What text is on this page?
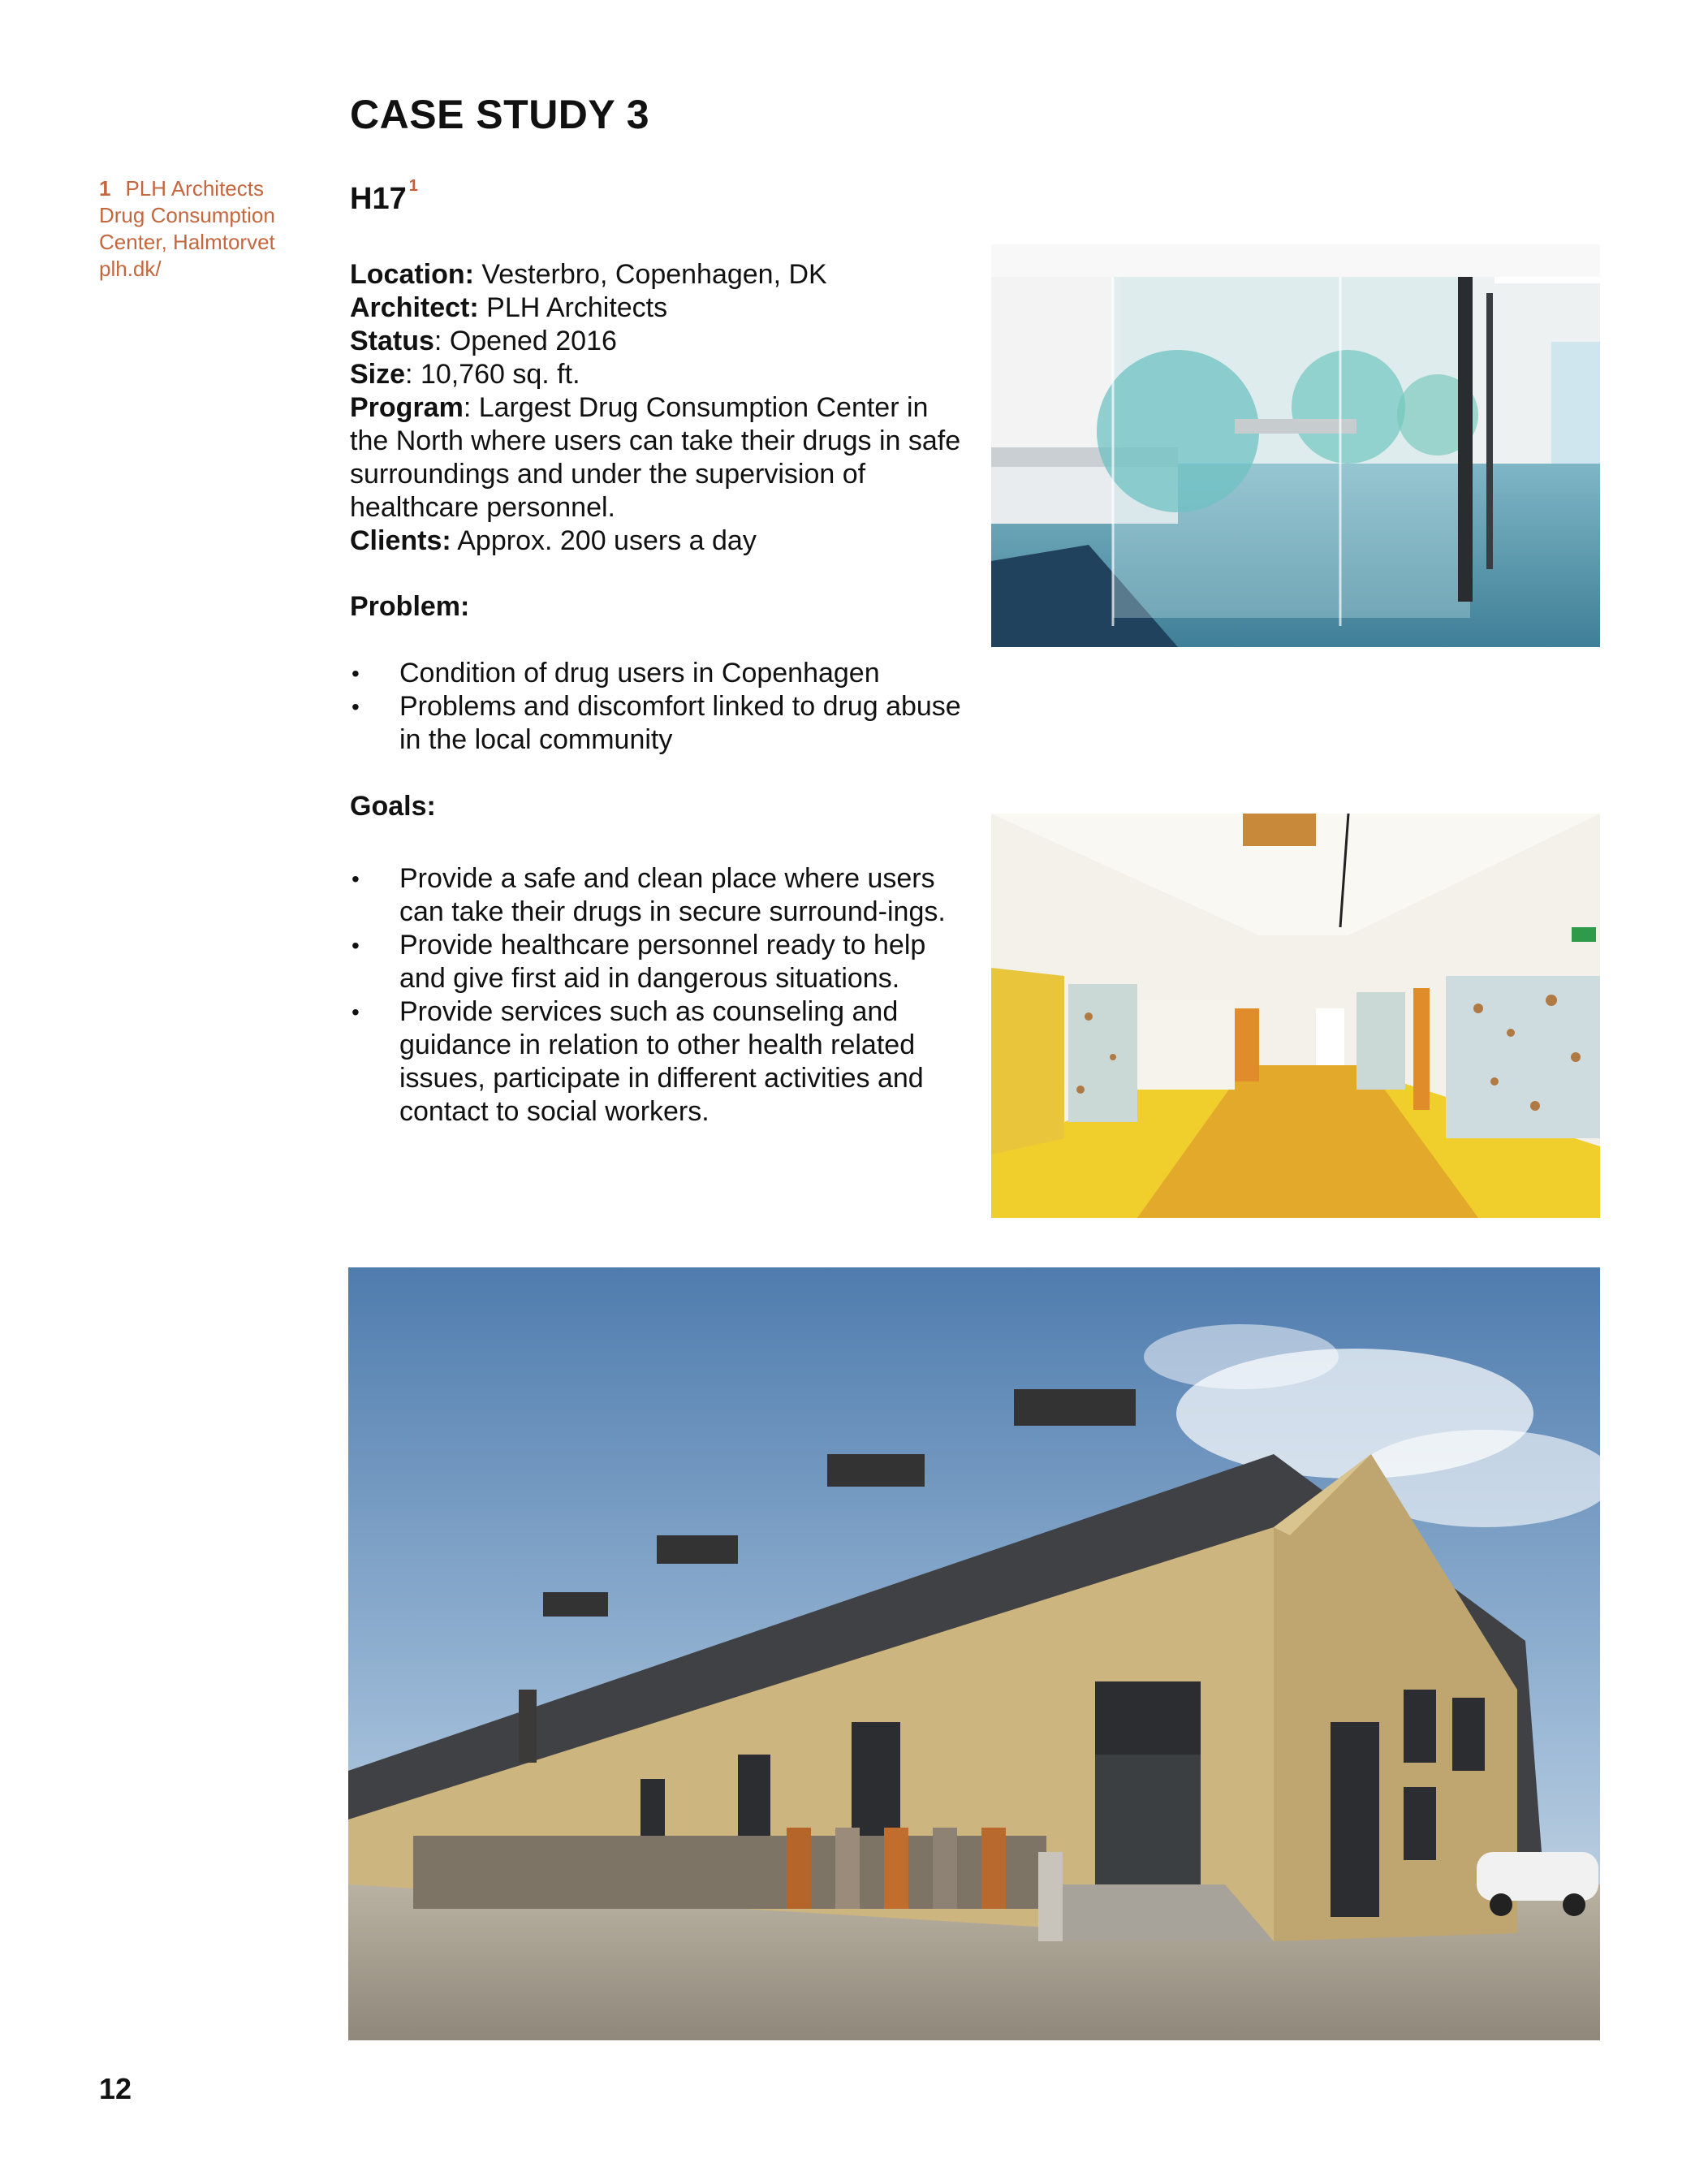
CASE STUDY 3
H17 $^1$
1 PLH Architects
Drug Consumption
Center, Halmtorvet
plh.dk/	Location: Vesterbro, Copenhagen, DK
Architect: PLH Architects
Status: Opened 2016
Size: 10,760 sq. ft.
Program: Largest Drug Consumption Center in the North where users can take their drugs in safe surroundings and under the supervision of healthcare personnel.
Clients: Approx. 200 users a day
Problem:
• Condition of drug users in Copenhagen
• Problems and discomfort linked to drug abuse in the local community
Goals:
• Provide a safe and clean place where users can take their drugs in secure surround-ings.
• Provide healthcare personnel ready to help and give first aid in dangerous situations.
• Provide services such as counseling and guidance in relation to other health related issues, participate in different activities and contact to social workers.
12
